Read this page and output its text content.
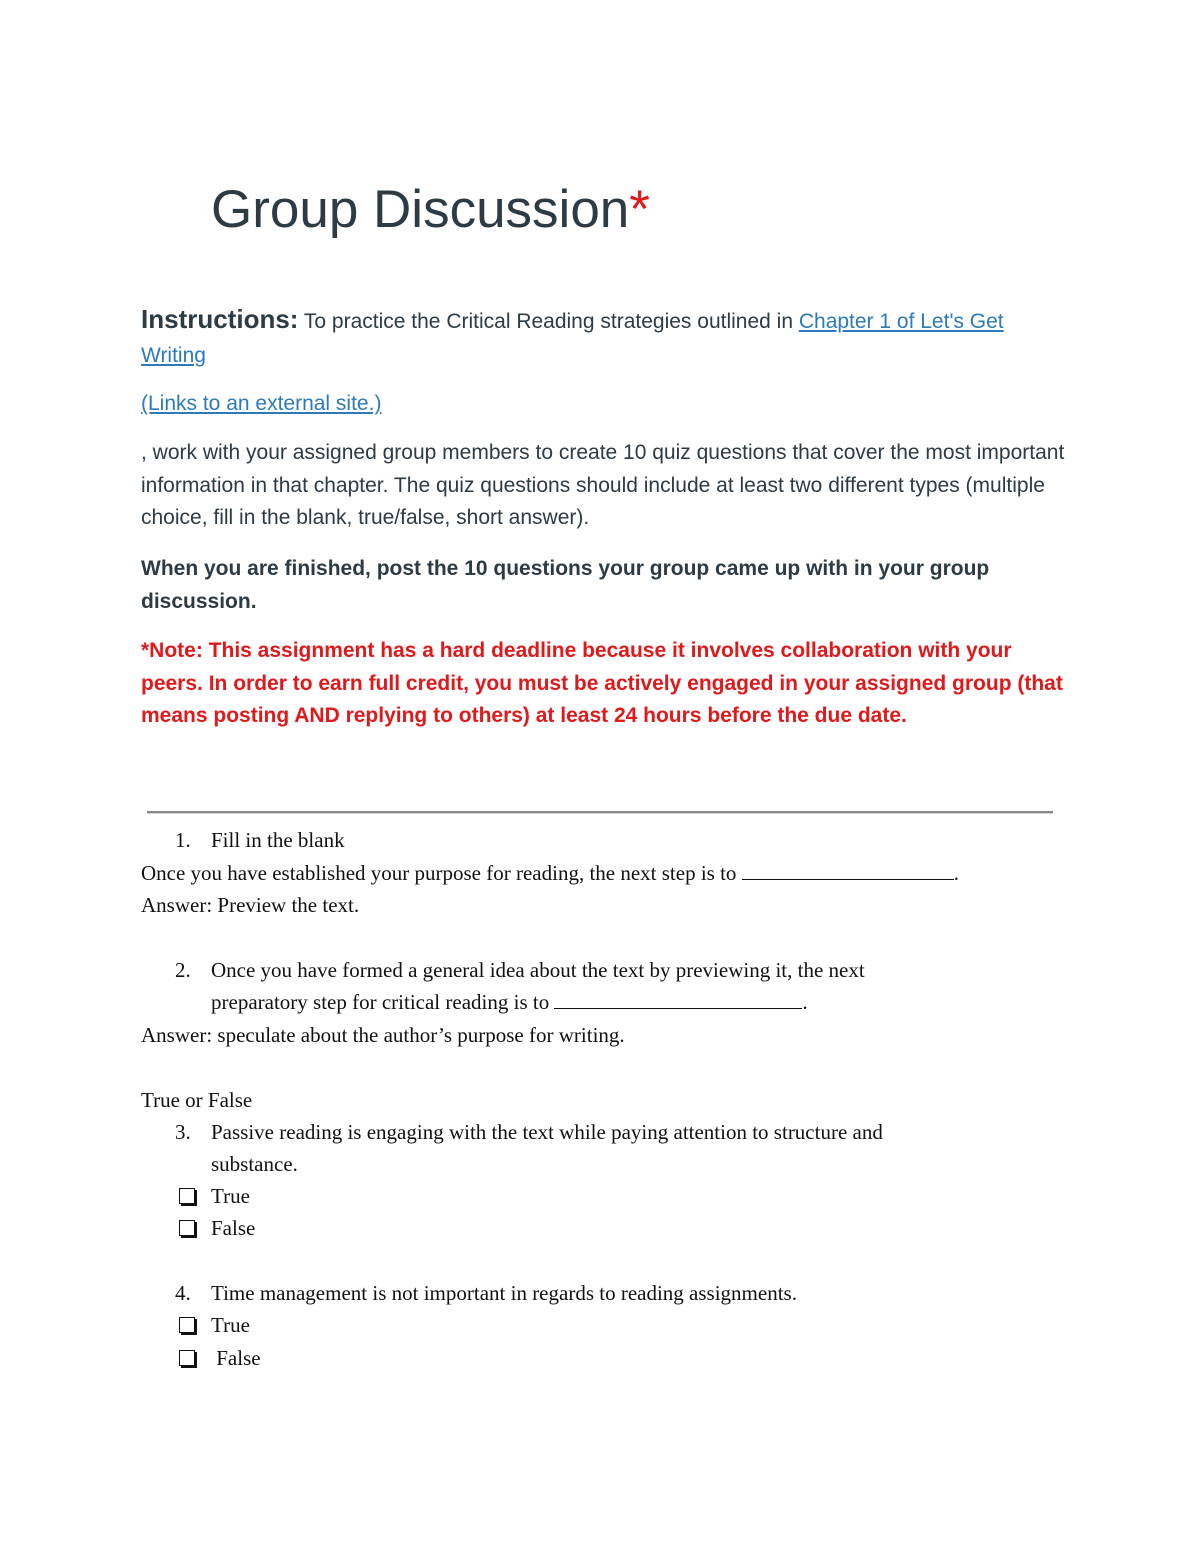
Group Discussion*
Instructions: To practice the Critical Reading strategies outlined in Chapter 1 of Let's Get Writing
(Links to an external site.)
, work with your assigned group members to create 10 quiz questions that cover the most important information in that chapter. The quiz questions should include at least two different types (multiple choice, fill in the blank, true/false, short answer).
When you are finished, post the 10 questions your group came up with in your group discussion.
*Note: This assignment has a hard deadline because it involves collaboration with your peers. In order to earn full credit, you must be actively engaged in your assigned group (that means posting AND replying to others) at least 24 hours before the due date.
1. Fill in the blank
Once you have established your purpose for reading, the next step is to	.
Answer: Preview the text.
2. Once you have formed a general idea about the text by previewing it, the next
preparatory step for critical reading is to	.
Answer: speculate about the author’s purpose for writing.
True or False
3. Passive reading is engaging with the text while paying attention to structure and
substance.
True
False
4. Time management is not important in regards to reading assignments.
True
False
